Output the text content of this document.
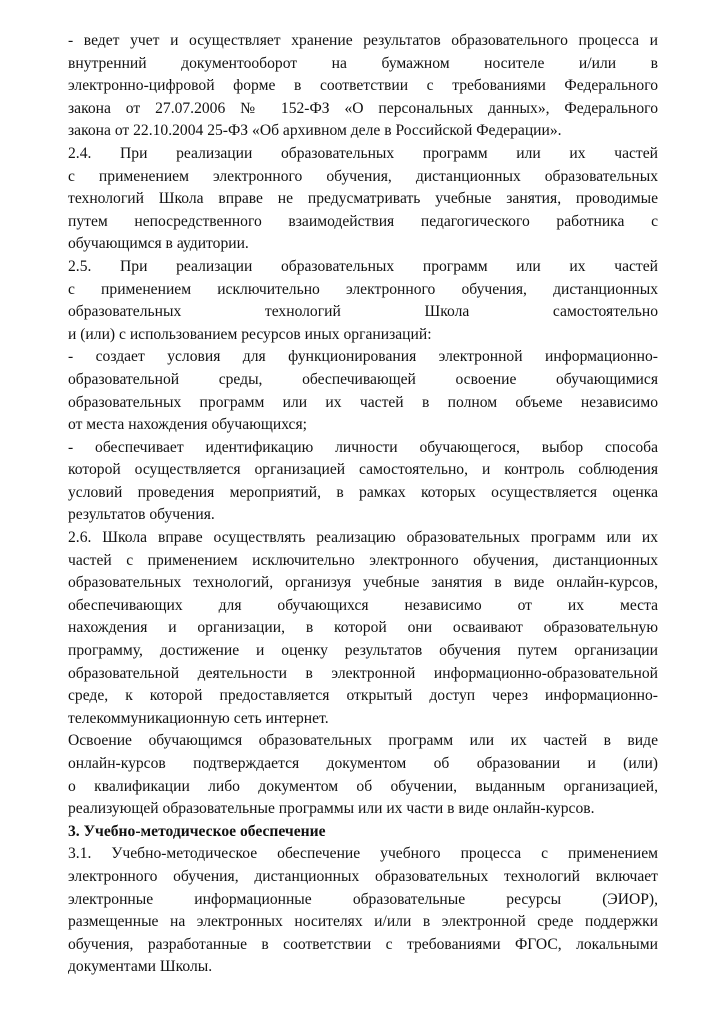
- ведет учет и осуществляет хранение результатов образовательного процесса и
внутренний документооборот на бумажном носителе и/или в
электронно-цифровой форме в соответствии с требованиями Федерального
закона от 27.07.2006 № 152-ФЗ «О персональных данных», Федерального
закона от 22.10.2004 25-ФЗ «Об архивном деле в Российской Федерации».
2.4. При реализации образовательных программ или их частей
с применением электронного обучения, дистанционных образовательных
технологий Школа вправе не предусматривать учебные занятия, проводимые
путем непосредственного взаимодействия педагогического работника с
обучающимся в аудитории.
2.5. При реализации образовательных программ или их частей
с применением исключительно электронного обучения, дистанционных
образовательных технологий Школа самостоятельно
и (или) с использованием ресурсов иных организаций:
- создает условия для функционирования электронной информационно-
образовательной среды, обеспечивающей освоение обучающимися
образовательных программ или их частей в полном объеме независимо
от места нахождения обучающихся;
- обеспечивает идентификацию личности обучающегося, выбор способа
которой осуществляется организацией самостоятельно, и контроль соблюдения
условий проведения мероприятий, в рамках которых осуществляется оценка
результатов обучения.
2.6. Школа вправе осуществлять реализацию образовательных программ или их
частей с применением исключительно электронного обучения, дистанционных
образовательных технологий, организуя учебные занятия в виде онлайн-курсов,
обеспечивающих для обучающихся независимо от их места
нахождения и организации, в которой они осваивают образовательную
программу, достижение и оценку результатов обучения путем организации
образовательной деятельности в электронной информационно-образовательной
среде, к которой предоставляется открытый доступ через информационно-
телекоммуникационную сеть интернет.
Освоение обучающимся образовательных программ или их частей в виде
онлайн-курсов подтверждается документом об образовании и (или)
о квалификации либо документом об обучении, выданным организацией,
реализующей образовательные программы или их части в виде онлайн-курсов.
3. Учебно-методическое обеспечение
3.1. Учебно-методическое обеспечение учебного процесса с применением
электронного обучения, дистанционных образовательных технологий включает
электронные информационные образовательные ресурсы (ЭИОР),
размещенные на электронных носителях и/или в электронной среде поддержки
обучения, разработанные в соответствии с требованиями ФГОС, локальными
документами Школы.
